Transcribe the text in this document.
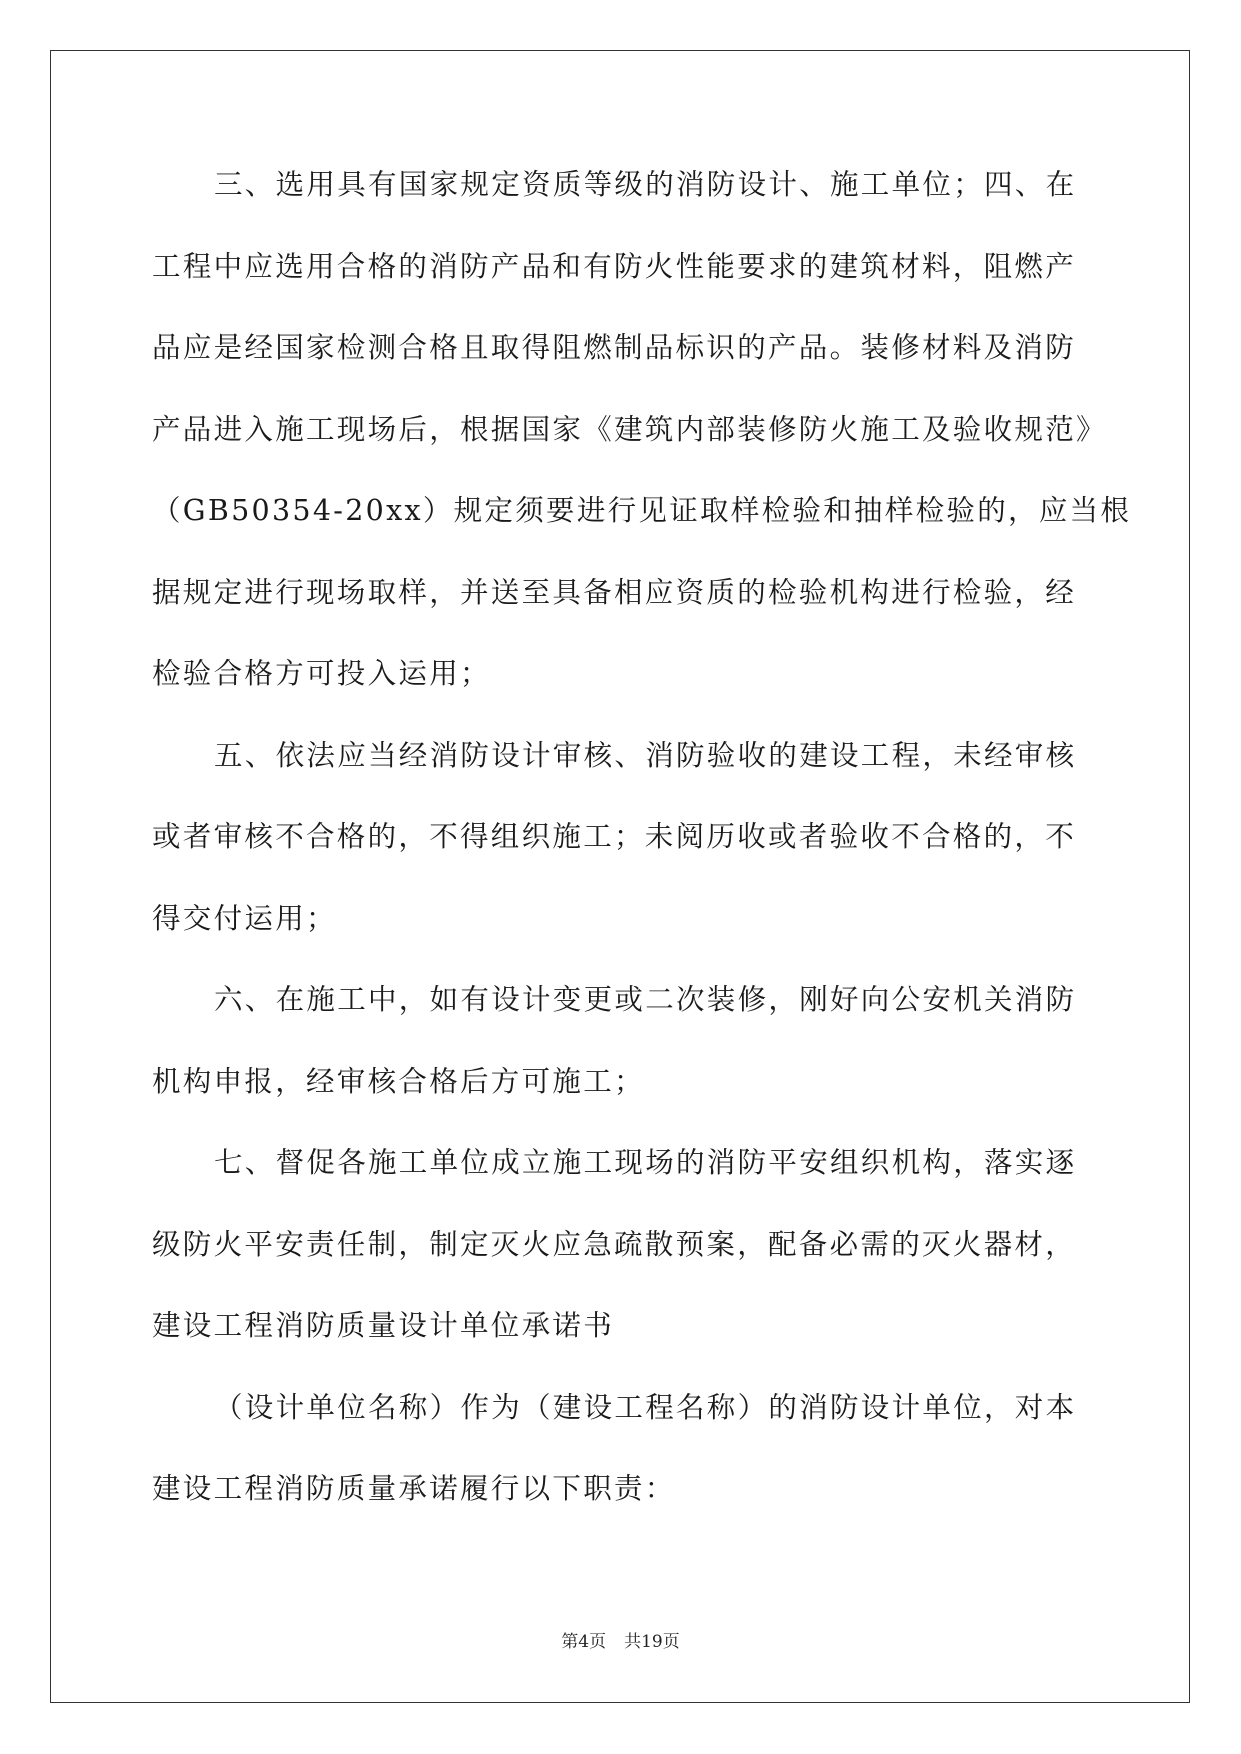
三、选用具有国家规定资质等级的消防设计、施工单位；四、在
工程中应选用合格的消防产品和有防火性能要求的建筑材料，阻燃产
品应是经国家检测合格且取得阻燃制品标识的产品。装修材料及消防
产品进入施工现场后，根据国家《建筑内部装修防火施工及验收规范》
（GB50354-20xx）规定须要进行见证取样检验和抽样检验的，应当根
据规定进行现场取样，并送至具备相应资质的检验机构进行检验，经
检验合格方可投入运用；
五、依法应当经消防设计审核、消防验收的建设工程，未经审核
或者审核不合格的，不得组织施工；未阅历收或者验收不合格的，不
得交付运用；
六、在施工中，如有设计变更或二次装修，刚好向公安机关消防
机构申报，经审核合格后方可施工；
七、督促各施工单位成立施工现场的消防平安组织机构，落实逐
级防火平安责任制，制定灭火应急疏散预案，配备必需的灭火器材，
建设工程消防质量设计单位承诺书
（设计单位名称）作为（建设工程名称）的消防设计单位，对本
建设工程消防质量承诺履行以下职责：
第4页 共19页
